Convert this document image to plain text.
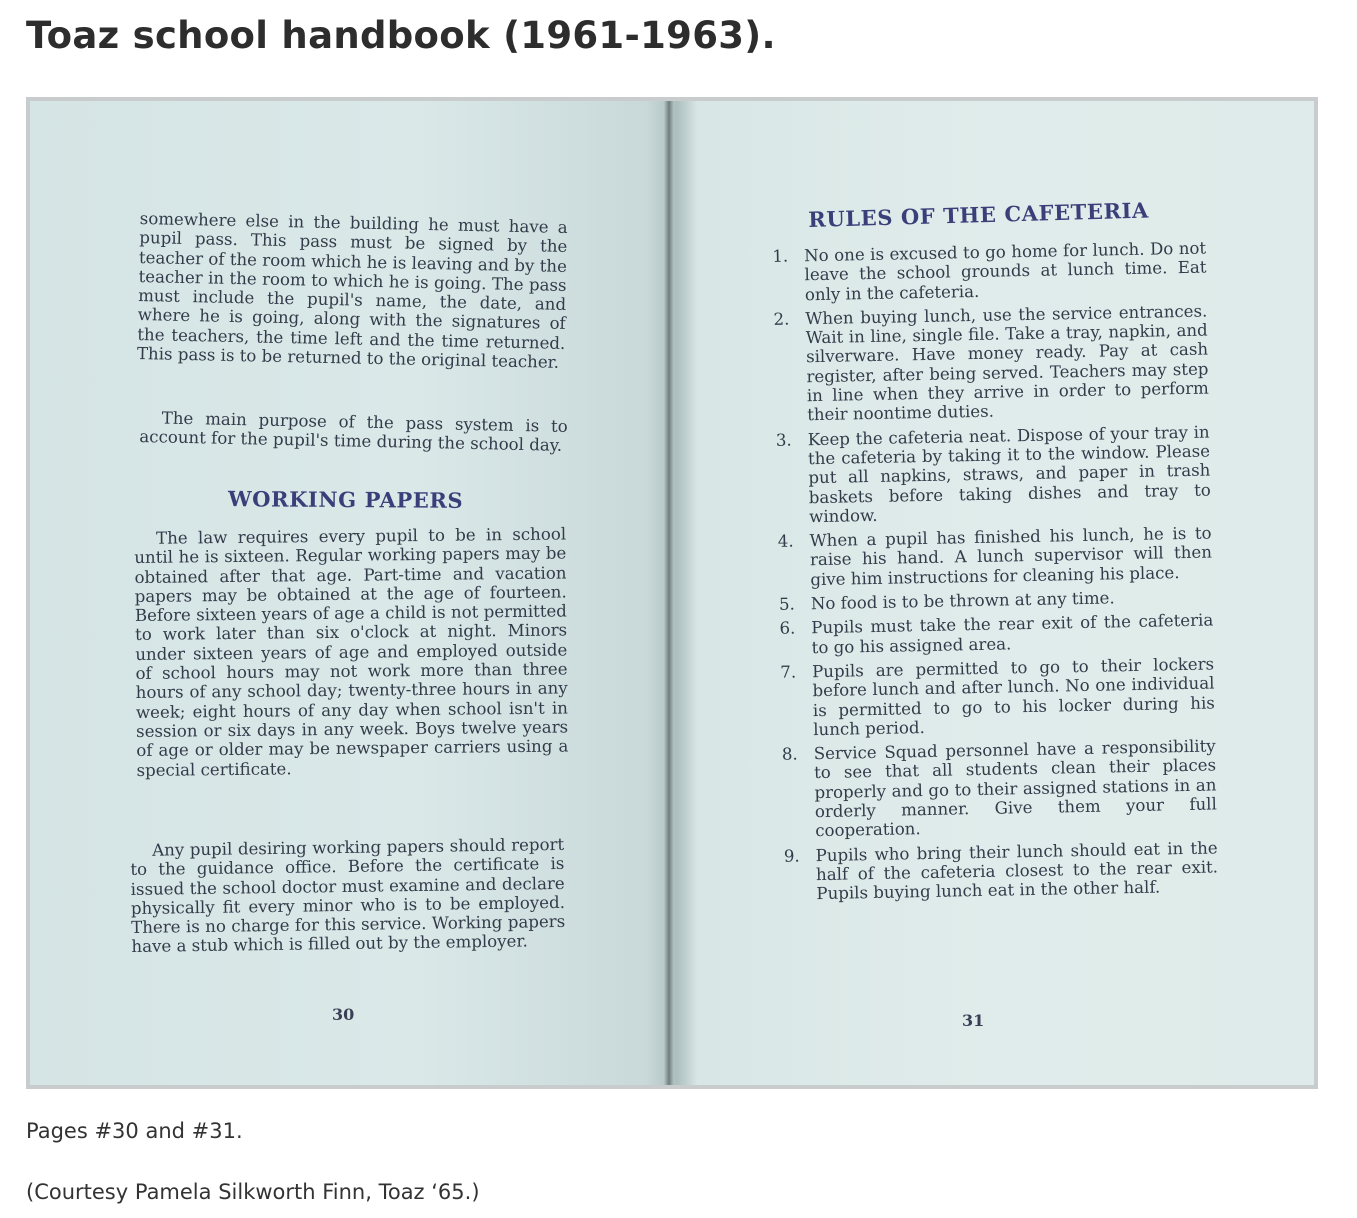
Toaz school handbook (1961-1963).
somewhere else in the building he must have a pupil pass. This pass must be signed by the teacher of the room which he is leaving and by the teacher in the room to which he is going. The pass must include the pupil's name, the date, and where he is going, along with the signatures of the teachers, the time left and the time returned. This pass is to be returned to the original teacher.
The main purpose of the pass system is to account for the pupil's time during the school day.
WORKING PAPERS
The law requires every pupil to be in school until he is sixteen. Regular working papers may be obtained after that age. Part-time and vacation papers may be obtained at the age of fourteen. Before sixteen years of age a child is not permitted to work later than six o'clock at night. Minors under sixteen years of age and employed outside of school hours may not work more than three hours of any school day; twenty-three hours in any week; eight hours of any day when school isn't in session or six days in any week. Boys twelve years of age or older may be newspaper carriers using a special certificate.
Any pupil desiring working papers should report to the guidance office. Before the certificate is issued the school doctor must examine and declare physically fit every minor who is to be employed. There is no charge for this service. Working papers have a stub which is filled out by the employer.
30
RULES OF THE CAFETERIA
1. No one is excused to go home for lunch. Do not leave the school grounds at lunch time. Eat only in the cafeteria.
2. When buying lunch, use the service entrances. Wait in line, single file. Take a tray, napkin, and silverware. Have money ready. Pay at cash register, after being served. Teachers may step in line when they arrive in order to perform their noontime duties.
3. Keep the cafeteria neat. Dispose of your tray in the cafeteria by taking it to the window. Please put all napkins, straws, and paper in trash baskets before taking dishes and tray to window.
4. When a pupil has finished his lunch, he is to raise his hand. A lunch supervisor will then give him instructions for cleaning his place.
5. No food is to be thrown at any time.
6. Pupils must take the rear exit of the cafeteria to go his assigned area.
7. Pupils are permitted to go to their lockers before lunch and after lunch. No one individual is permitted to go to his locker during his lunch period.
8. Service Squad personnel have a responsibility to see that all students clean their places properly and go to their assigned stations in an orderly manner. Give them your full cooperation.
9. Pupils who bring their lunch should eat in the half of the cafeteria closest to the rear exit. Pupils buying lunch eat in the other half.
31

Pages #30 and #31.

(Courtesy Pamela Silkworth Finn, Toaz ‘65.)
